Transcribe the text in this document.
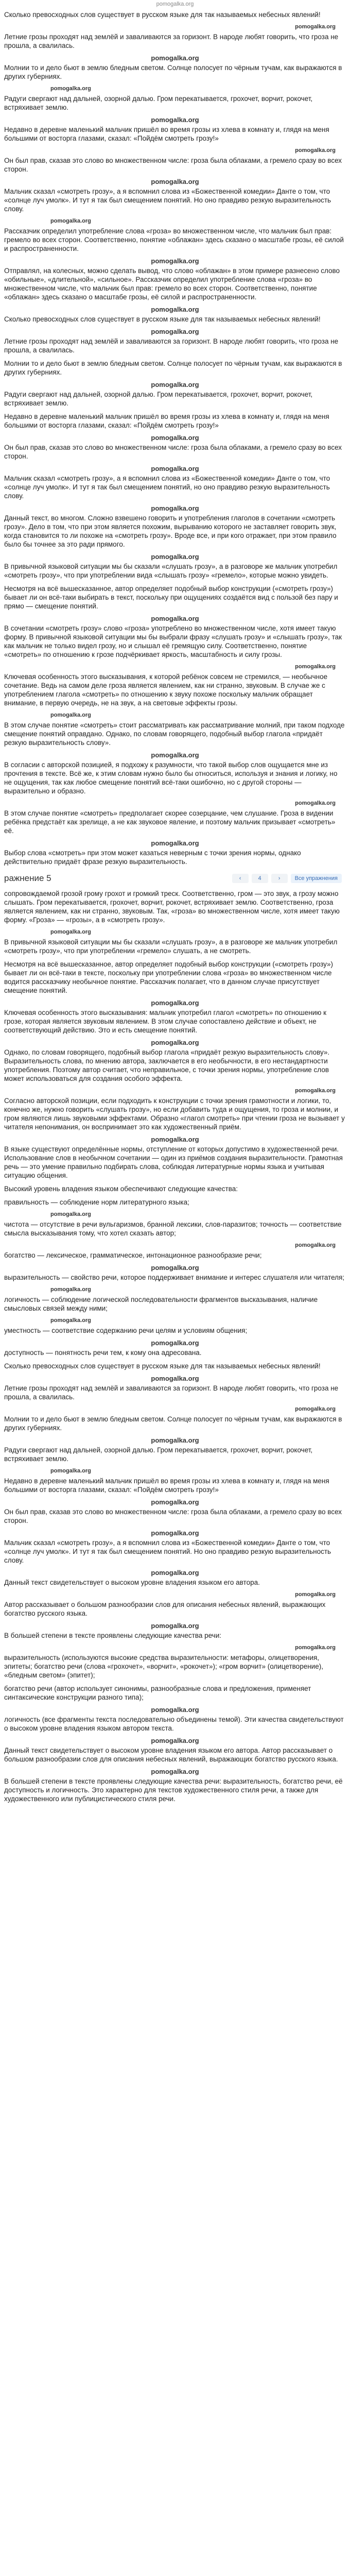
pomogalka.org

Сколько превосходных слов существует в русском языке для так называемых небесных явлений!

pomogalka.org

Летние грозы проходят над землёй и заваливаются за горизонт. В народе любят говорить, что гроза не прошла, а свалилась.

pomogalka.org

Молнии то и дело бьют в землю бледным светом. Солнце полосует по чёрным тучам, как выражаются в других губерниях.

pomogalka.org

Радуги свергают над дальней, озорной далью. Гром перекатывается, грохочет, ворчит, рокочет, встряхивает землю.

pomogalka.org

Недавно в деревне маленький мальчик пришёл во время грозы из хлева в комнату и, глядя на меня большими от восторга глазами, сказал: «Пойдём смотреть грозу!»

pomogalka.org

Он был прав, сказав это слово во множественном числе: гроза была облаками, а гремело сразу во всех сторон.

pomogalka.org

Мальчик сказал «смотреть грозу», а я вспомнил слова из «Божественной комедии» Данте о том, что «солнце луч умолк». И тут я так был смещением понятий. Но оно правдиво резкую выразительность слову.

pomogalka.org

Рассказчик определил употребление слова «гроза» во множественном числе, что мальчик был прав: гремело во всех сторон. Соответственно, понятие «облажан» здесь сказано о масштабе грозы, её силой и распространенности.

pomogalka.org

Отправлял, на колесных, можно сделать вывод, что слово «облажан» в этом примере разнесено слово «обильные», «длительной», «сильное». Рассказчик определил употребление слова «гроза» во множественном числе, что мальчик был прав: гремело во всех сторон. Соответственно, понятие «облажан» здесь сказано о масштабе грозы, её силой и распространенности.

pomogalka.org

Сколько превосходных слов существует в русском языке для так называемых небесных явлений!

pomogalka.org

Летние грозы проходят над землёй и заваливаются за горизонт. В народе любят говорить, что гроза не прошла, а свалилась.

Молнии то и дело бьют в землю бледным светом. Солнце полосует по чёрным тучам, как выражаются в других губерниях.

pomogalka.org

Радуги свергают над дальней, озорной далью. Гром перекатывается, грохочет, ворчит, рокочет, встряхивает землю.

Недавно в деревне маленький мальчик пришёл во время грозы из хлева в комнату и, глядя на меня большими от восторга глазами, сказал: «Пойдём смотреть грозу!»

pomogalka.org

Он был прав, сказав это слово во множественном числе: гроза была облаками, а гремело сразу во всех сторон.

pomogalka.org

Мальчик сказал «смотреть грозу», а я вспомнил слова из «Божественной комедии» Данте о том, что «солнце луч умолк». И тут я так был смещением понятий, но оно правдиво резкую выразительность слову.

pomogalka.org

Данный текст, во многом. Сложно взвешено говорить и употребления глаголов в сочетании «смотреть грозу». Дело в том, что при этом является похожим, вырыванию которого не заставляет говорить звук, когда становится то ли похоже на «смотреть грозу». Вроде все, и при кого отражает, при этом правило было бы точнее за это ради прямого.

pomogalka.org

В привычной языковой ситуации мы бы сказали «слушать грозу», а в разговоре же мальчик употребил «смотреть грозу», что при употреблении вида «слышать грозу» «гремело», которые можно увидеть.

Несмотря на всё вышесказанное, автор определяет подобный выбор конструкции («смотреть грозу») бывает ли он всё-таки выбирать в текст, поскольку при ощущениях создаётся вид с пользой без пару и прямо — смещение понятий.

pomogalka.org

В сочетании «смотреть грозу» слово «гроза» употреблено во множественном числе, хотя имеет такую форму. В привычной языковой ситуации мы бы выбрали фразу «слушать грозу» и «слышать грозу», так как мальчик не только видел грозу, но и слышал её гремящую силу. Соответственно, понятие «смотреть» по отношению к грозе подчёркивает яркость, масштабность и силу грозы.

pomogalka.org

Ключевая особенность этого высказывания, к которой ребёнок совсем не стремился, — необычное сочетание. Ведь на самом деле гроза является явлением, как ни странно, звуковым. В случае же с употреблением глагола «смотреть» по отношению к звуку похоже поскольку мальчик обращает внимание, в первую очередь, не на звук, а на световые эффекты грозы.

pomogalka.org

В этом случае понятие «смотреть» стоит рассматривать как рассматривание молний, при таком подходе смещение понятий оправдано. Однако, по словам говорящего, подобный выбор глагола «придаёт резкую выразительность слову».

pomogalka.org

В согласии с авторской позицией, я подхожу к разумности, что такой выбор слов ощущается мне из прочтения в тексте. Всё же, к этим словам нужно было бы относиться, используя и знания и логику, но не ощущения, так как любое смещение понятий всё-таки ошибочно, но с другой стороны — выразительно и образно.

pomogalka.org

В этом случае понятие «смотреть» предполагает скорее созерцание, чем слушание. Гроза в видении ребёнка предстаёт как зрелище, а не как звуковое явление, и поэтому мальчик призывает «смотреть» её.

pomogalka.org

Выбор слова «смотреть» при этом может казаться неверным с точки зрения нормы, однако действительно придаёт фразе резкую выразительность.

ражнение 5	‹	4	›	Все упражнения

сопровождаемой грозой грому грохот и громкий треск. Соответственно, гром — это звук, а грозу можно слышать. Гром перекатывается, грохочет, ворчит, рокочет, встряхивает землю. Соответственно, гроза является явлением, как ни странно, звуковым. Так, «гроза» во множественном числе, хотя имеет такую форму. «Гроза» — «грозы», а в «смотреть грозу».

pomogalka.org

В привычной языковой ситуации мы бы сказали «слушать грозу», а в разговоре же мальчик употребил «смотреть грозу», что при употреблении «гремело» слушать, а не смотреть.

Несмотря на всё вышесказанное, автор определяет подобный выбор конструкции («смотреть грозу») бывает ли он всё-таки в тексте, поскольку при употреблении слова «гроза» во множественном числе водится рассказчику необычное понятие. Рассказчик полагает, что в данном случае присутствует смещение понятий.

pomogalka.org

Ключевая особенность этого высказывания: мальчик употребил глагол «смотреть» по отношению к грозе, которая является звуковым явлением. В этом случае сопоставлено действие и объект, не соответствующий действию. Это и есть смещение понятий.

pomogalka.org

Однако, по словам говорящего, подобный выбор глагола «придаёт резкую выразительность слову». Выразительность слова, по мнению автора, заключается в его необычности, в его нестандартности употребления. Поэтому автор считает, что неправильное, с точки зрения нормы, употребление слов может использоваться для создания особого эффекта.

pomogalka.org

Согласно авторской позиции, если подходить к конструкции с точки зрения грамотности и логики, то, конечно же, нужно говорить «слушать грозу», но если добавить туда и ощущения, то гроза и молнии, и гром являются лишь звуковыми эффектами. Образно «глагол смотреть» при чтении гроза не вызывает у читателя непонимания, он воспринимает это как художественный приём.

pomogalka.org

В языке существуют определённые нормы, отступление от которых допустимо в художественной речи. Использование слов в необычном сочетании — один из приёмов создания выразительности. Грамотная речь — это умение правильно подбирать слова, соблюдая литературные нормы языка и учитывая ситуацию общения.

Высокий уровень владения языком обеспечивают следующие качества:

правильность — соблюдение норм литературного языка;

pomogalka.org

чистота — отсутствие в речи вульгаризмов, бранной лексики, слов-паразитов; точность — соответствие смысла высказывания тому, что хотел сказать автор;

pomogalka.org

богатство — лексическое, грамматическое, интонационное разнообразие речи;

pomogalka.org

выразительность — свойство речи, которое поддерживает внимание и интерес слушателя или читателя;

pomogalka.org

логичность — соблюдение логической последовательности фрагментов высказывания, наличие смысловых связей между ними;

pomogalka.org

уместность — соответствие содержанию речи целям и условиям общения;

pomogalka.org

доступность — понятность речи тем, к кому она адресована.

Сколько превосходных слов существует в русском языке для так называемых небесных явлений!

pomogalka.org

Летние грозы проходят над землёй и заваливаются за горизонт. В народе любят говорить, что гроза не прошла, а свалилась.

pomogalka.org

Молнии то и дело бьют в землю бледным светом. Солнце полосует по чёрным тучам, как выражаются в других губерниях.

pomogalka.org

Радуги свергают над дальней, озорной далью. Гром перекатывается, грохочет, ворчит, рокочет, встряхивает землю.

pomogalka.org

Недавно в деревне маленький мальчик пришёл во время грозы из хлева в комнату и, глядя на меня большими от восторга глазами, сказал: «Пойдём смотреть грозу!»

pomogalka.org

Он был прав, сказав это слово во множественном числе: гроза была облаками, а гремело сразу во всех сторон.

pomogalka.org

Мальчик сказал «смотреть грозу», а я вспомнил слова из «Божественной комедии» Данте о том, что «солнце луч умолк». И тут я так был смещением понятий. Но оно правдиво резкую выразительность слову.

pomogalka.org

Данный текст свидетельствует о высоком уровне владения языком его автора.

pomogalka.org

Автор рассказывает о большом разнообразии слов для описания небесных явлений, выражающих богатство русского языка.

pomogalka.org

В большей степени в тексте проявлены следующие качества речи:

pomogalka.org

выразительность (используются высокие средства выразительности: метафоры, олицетворения, эпитеты; богатство речи (слова «грохочет», «ворчит», «рокочет»); «гром ворчит» (олицетворение), «бледным светом» (эпитет);

богатство речи (автор использует синонимы, разнообразные слова и предложения, применяет синтаксические конструкции разного типа);

pomogalka.org

логичность (все фрагменты текста последовательно объединены темой). Эти качества свидетельствуют о высоком уровне владения языком автором текста.

pomogalka.org

Данный текст свидетельствует о высоком уровне владения языком его автора. Автор рассказывает о большом разнообразии слов для описания небесных явлений, выражающих богатство русского языка.

pomogalka.org

В большей степени в тексте проявлены следующие качества речи: выразительность, богатство речи, её доступность и логичность. Это характерно для текстов художественного стиля речи, а также для художественного или публицистического стиля речи.
